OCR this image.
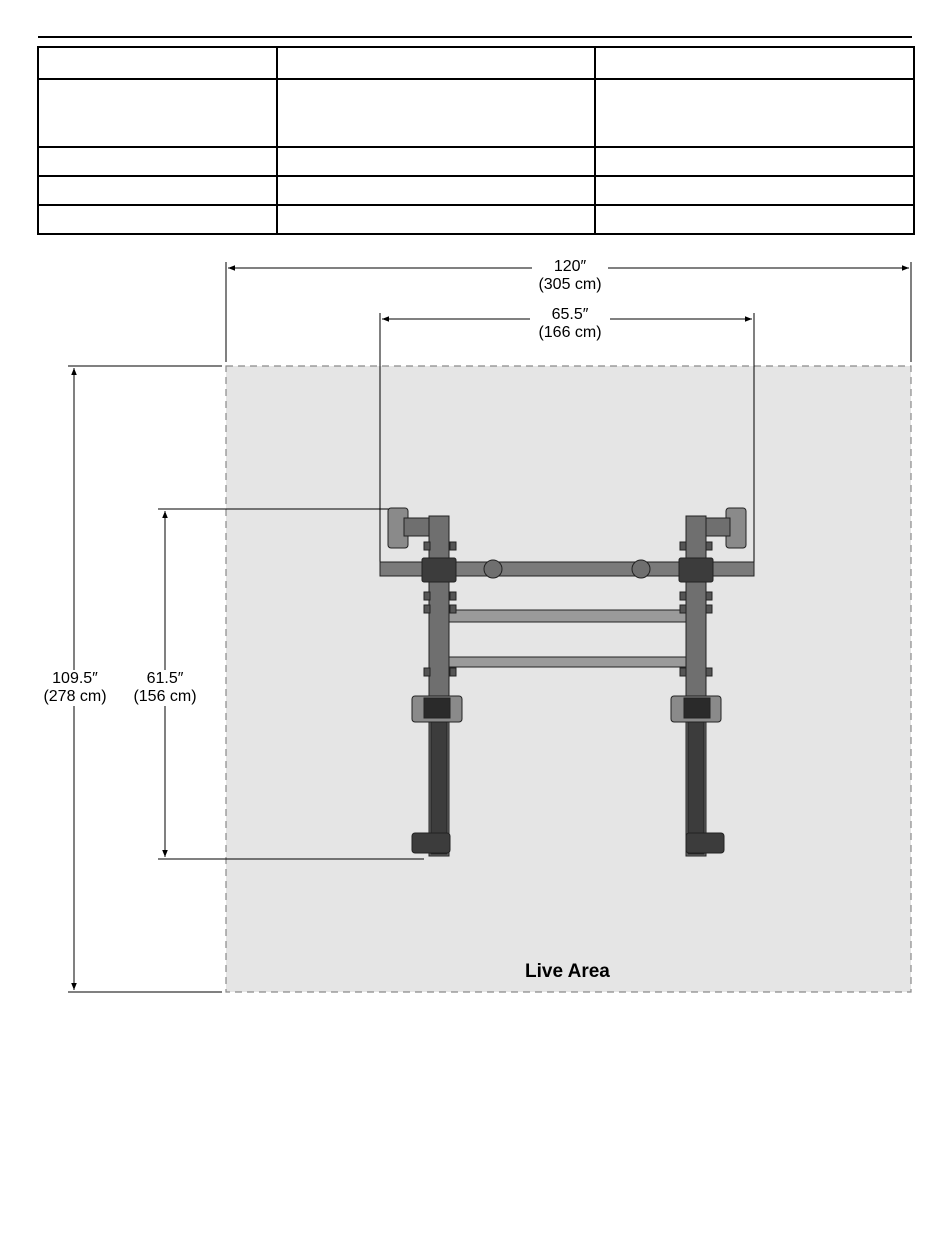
120″
(305 cm)
65.5″
(166 cm)
109.5″
(278 cm)
61.5″
(156 cm)
Live Area
